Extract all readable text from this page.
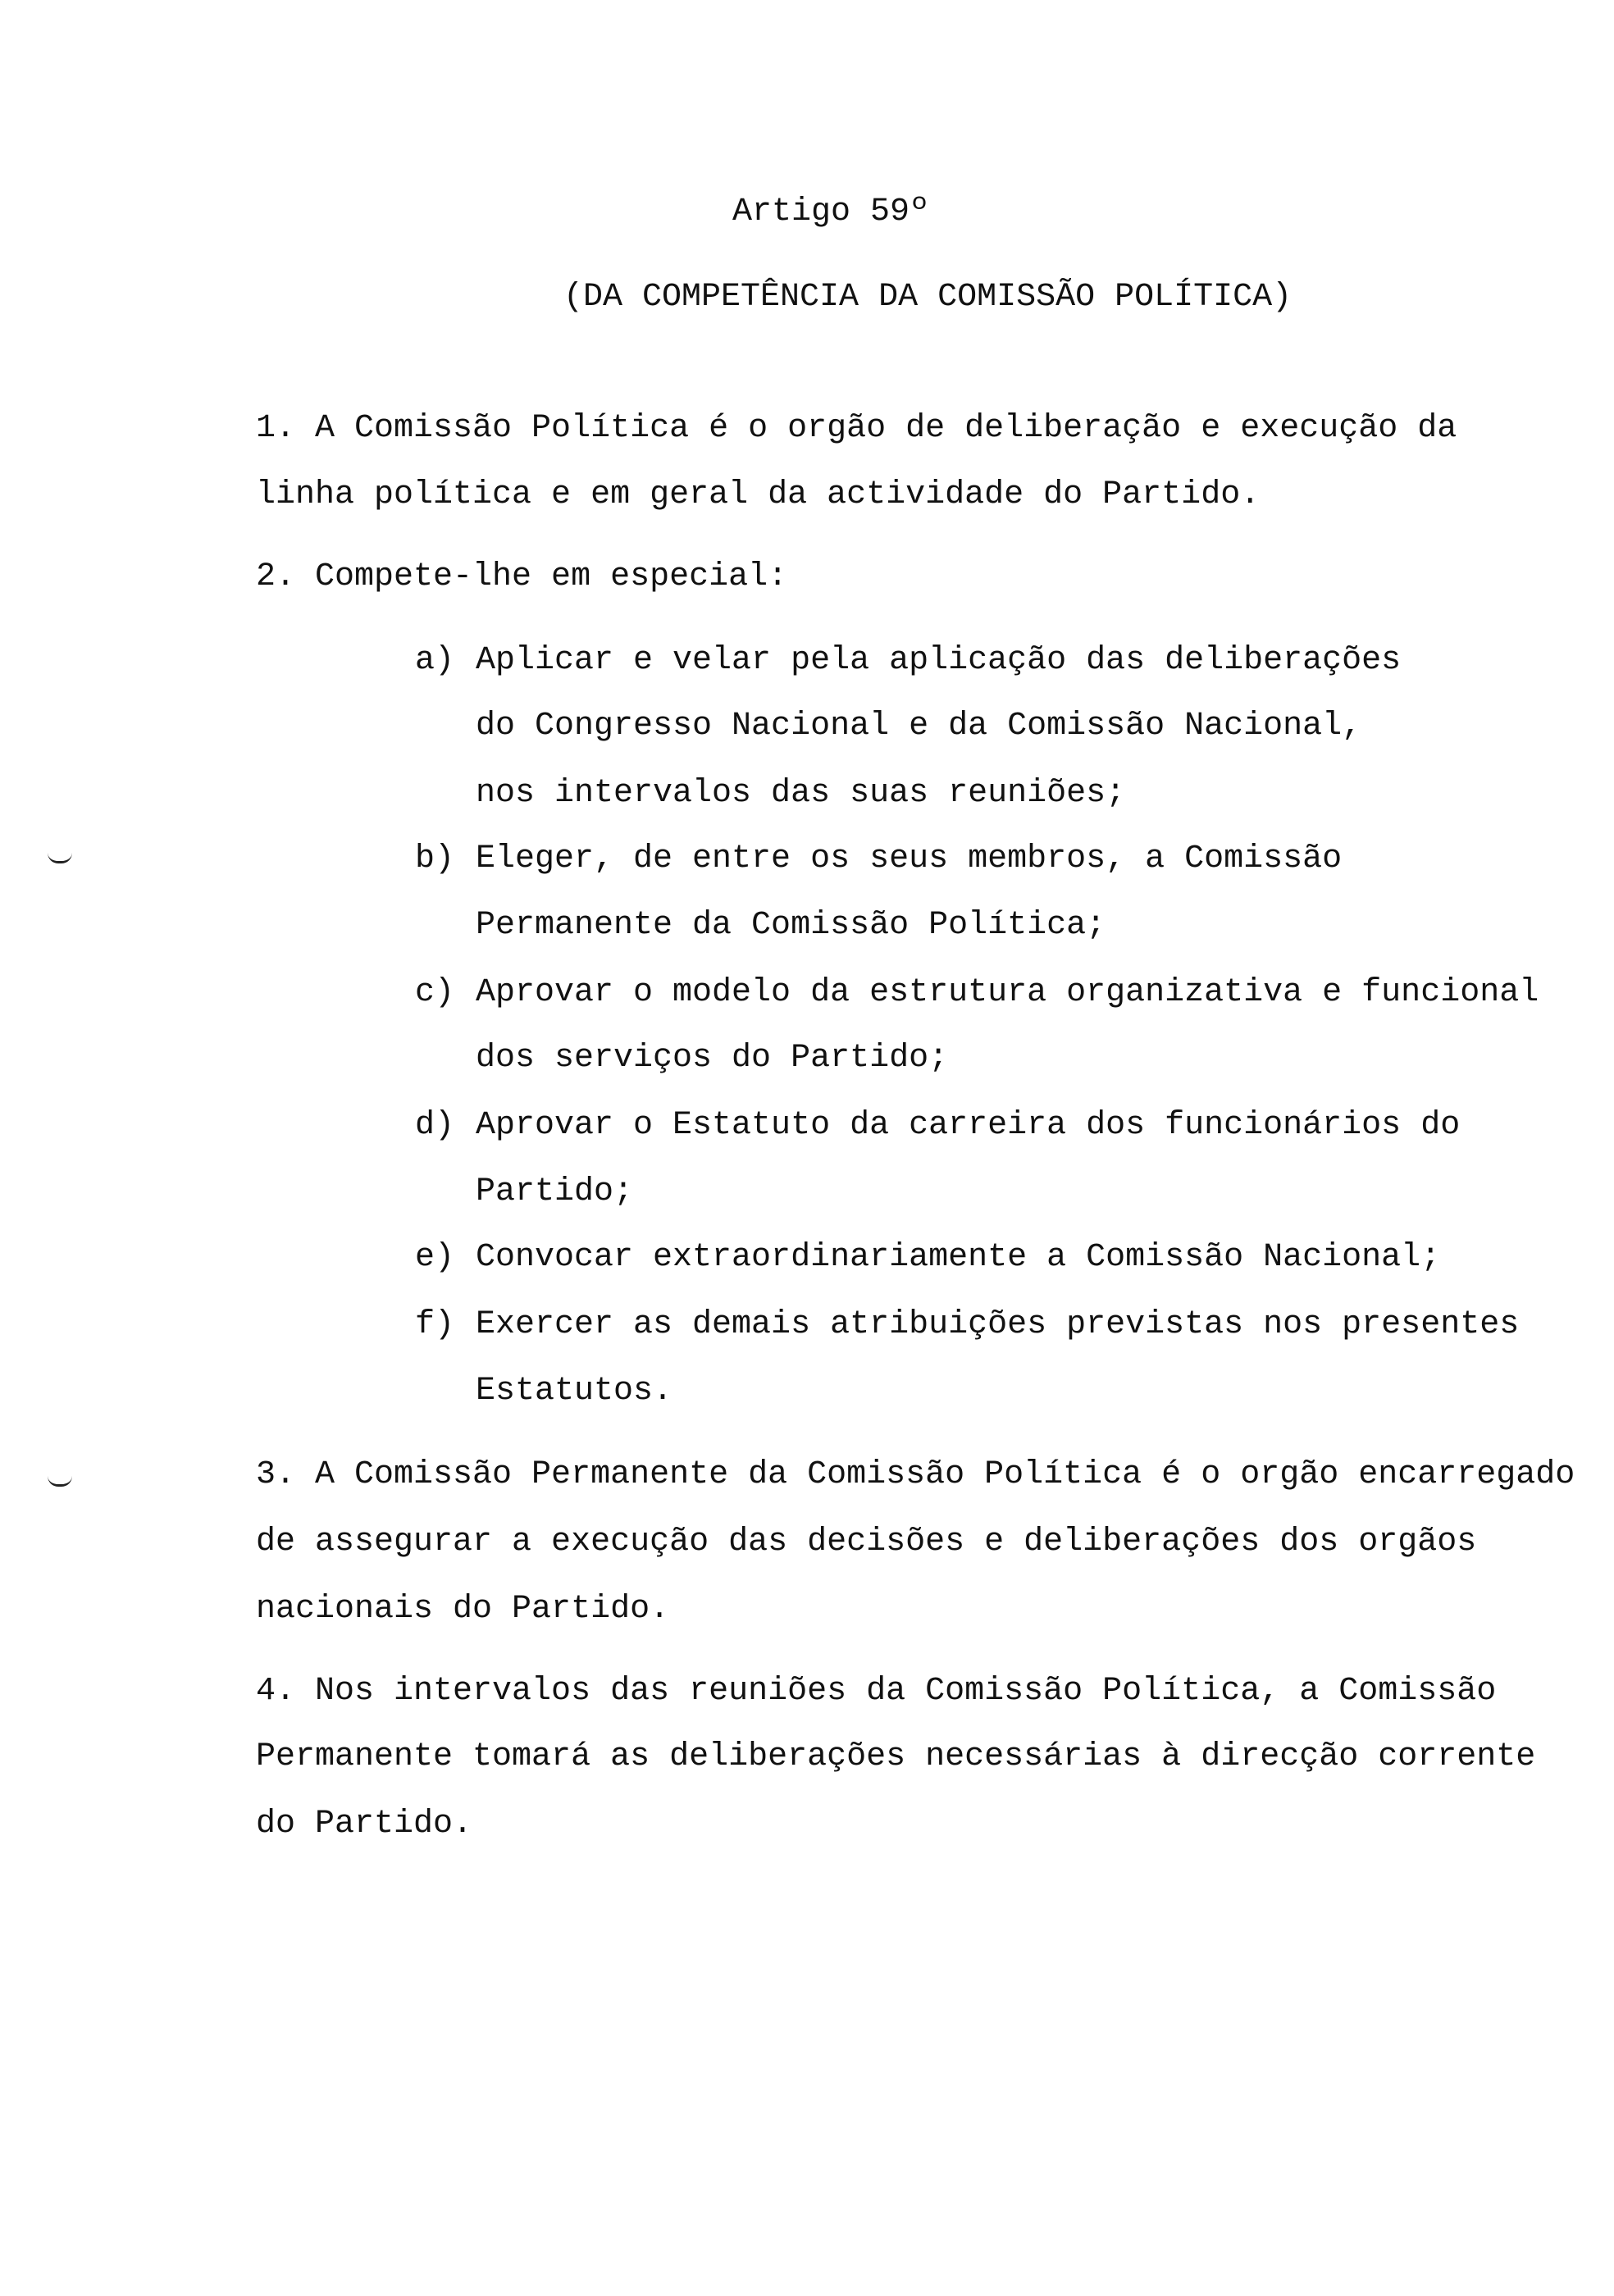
Artigo 59º
(DA COMPETÊNCIA DA COMISSÃO POLÍTICA)
1. A Comissão Política é o orgão de deliberação e execução da
linha política e em geral da actividade do Partido.
2. Compete-lhe em especial:
a) Aplicar e velar pela aplicação das deliberações
do Congresso Nacional e da Comissão Nacional,
nos intervalos das suas reuniões;
b) Eleger, de entre os seus membros, a Comissão
Permanente da Comissão Política;
c) Aprovar o modelo da estrutura organizativa e funcional
dos serviços do Partido;
d) Aprovar o Estatuto da carreira dos funcionários do
Partido;
e) Convocar extraordinariamente a Comissão Nacional;
f) Exercer as demais atribuições previstas nos presentes
Estatutos.
3. A Comissão Permanente da Comissão Política é o orgão encarregado
de assegurar a execução das decisões e deliberações dos orgãos
nacionais do Partido.
4. Nos intervalos das reuniões da Comissão Política, a Comissão
Permanente tomará as deliberações necessárias à direcção corrente
do Partido.
